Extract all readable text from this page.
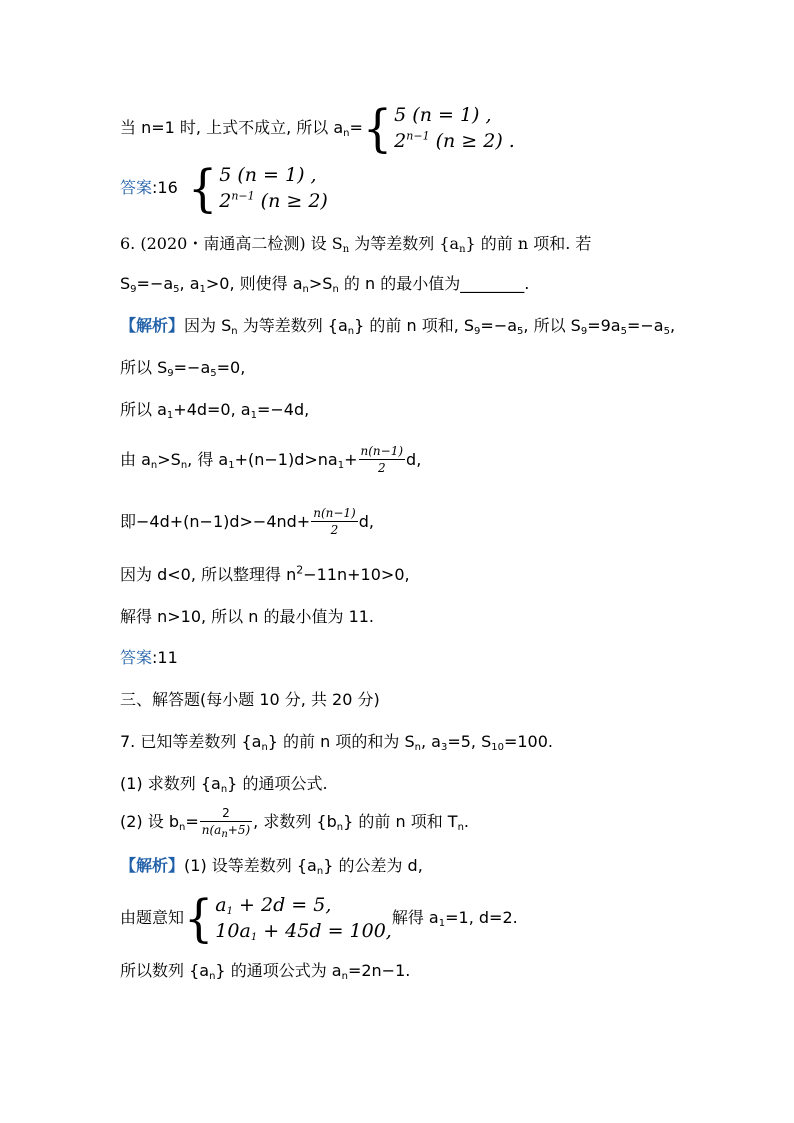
当 n=1 时, 上式不成立, 所以 $a_n=${ 5 (n = 1) ,
$2^{n-1}$ (n ≥ 2) .
答案:16 { 5 (n = 1) ,
$2^{n-1}$ (n ≥ 2)
6. (2020・南通高二检测) 设 $S_n$ 为等差数列 $\{a_n\}$ 的前 n 项和. 若
$S_9=-a_5$, $a_1>0$, 则使得 $a_n>S_n$ 的 n 的最小值为________.
【解析】因为 $S_n$ 为等差数列 $\{a_n\}$ 的前 n 项和, $S_9=-a_5$, 所以 $S_9=9a_5=-a_5$,
所以 $S_9=-a_5=0$,
所以 $a_1+4d=0$, $a_1=-4d$,
由 $a_n>S_n$, 得 $a_1+(n-1)d>na_1+ \frac{n(n-1)}{2} d$,
即$-4d+(n-1)d>-4nd+ \frac{n(n-1)}{2} d$,
因为 d<0, 所以整理得 $n^2-11n+10>0$,
解得 n>10, 所以 n 的最小值为 11.
答案:11
三、解答题(每小题 10 分, 共 20 分)
7. 已知等差数列 $\{a_n\}$ 的前 n 项的和为 $S_n$, $a_3=5$, $S_{10}=100$.
(1) 求数列 $\{a_n\}$ 的通项公式.
(2) 设 $b_n= \frac{2}{n(a_n+5)}$ , 求数列 $\{b_n\}$ 的前 n 项和 $T_n$.
【解析】(1) 设等差数列 $\{a_n\}$ 的公差为 d,
由题意知{ $a_1 + 2d = 5$,
$10a_1 + 45d = 100$,
解得 $a_1=1$, d=2.
所以数列 $\{a_n\}$ 的通项公式为 $a_n=2n-1$.
